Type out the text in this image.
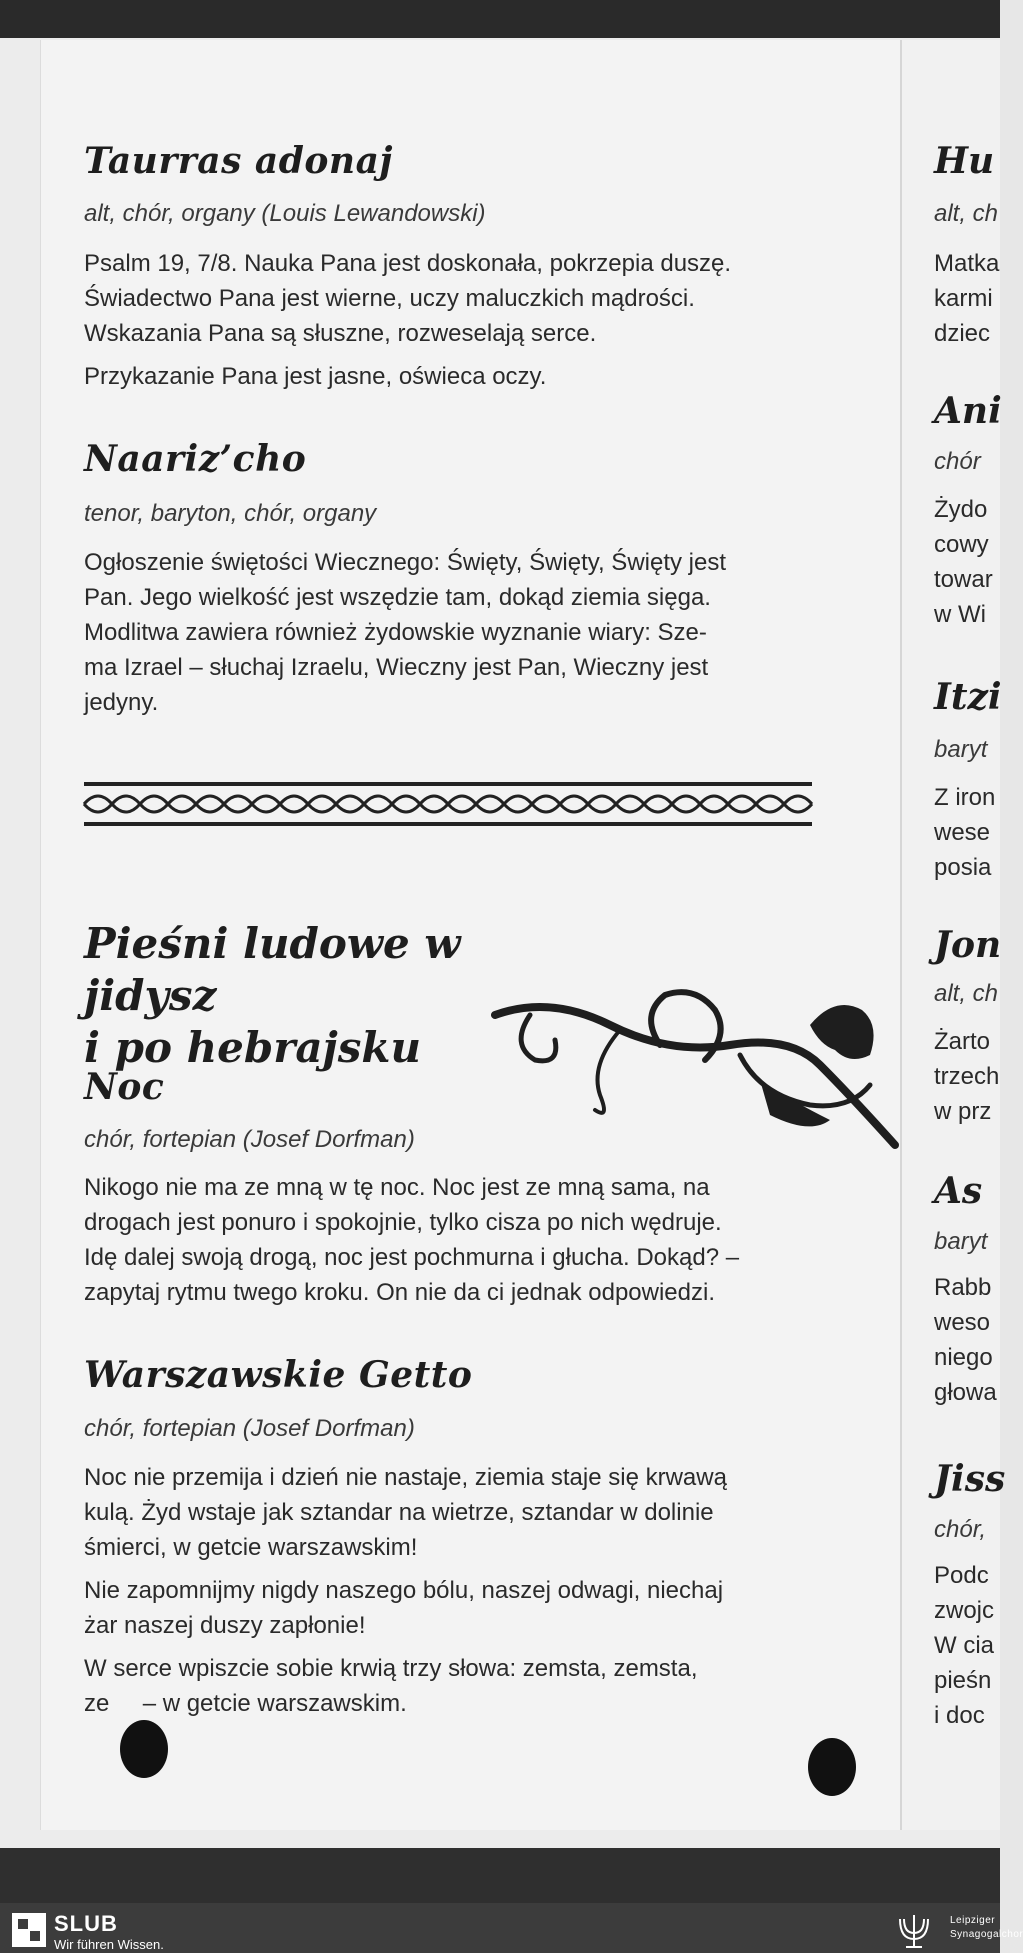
Taurras adonaj
alt, chór, organy (Louis Lewandowski)
Psalm 19, 7/8. Nauka Pana jest doskonała, pokrzepia duszę.
Świadectwo Pana jest wierne, uczy maluczkich mądrości.
Wskazania Pana są słuszne, rozweselają serce.
Przykazanie Pana jest jasne, oświeca oczy.
Naariz’cho
tenor, baryton, chór, organy
Ogłoszenie świętości Wiecznego: Święty, Święty, Święty jest
Pan. Jego wielkość jest wszędzie tam, dokąd ziemia sięga.
Modlitwa zawiera również żydowskie wyznanie wiary: Sze-
ma Izrael – słuchaj Izraelu, Wieczny jest Pan, Wieczny jest
jedyny.
Pieśni ludowe w jidysz
i po hebrajsku
Noc
chór, fortepian (Josef Dorfman)
Nikogo nie ma ze mną w tę noc. Noc jest ze mną sama, na
drogach jest ponuro i spokojnie, tylko cisza po nich wędruje.
Idę dalej swoją drogą, noc jest pochmurna i głucha. Dokąd? –
zapytaj rytmu twego kroku. On nie da ci jednak odpowiedzi.
Warszawskie Getto
chór, fortepian (Josef Dorfman)
Noc nie przemija i dzień nie nastaje, ziemia staje się krwawą
kulą. Żyd wstaje jak sztandar na wietrze, sztandar w dolinie
śmierci, w getcie warszawskim!
Nie zapomnijmy nigdy naszego bólu, naszej odwagi, niechaj
żar naszej duszy zapłonie!
W serce wpiszcie sobie krwią trzy słowa: zemsta, zemsta,
ze     – w getcie warszawskim.
Hu
alt, ch
Matka
karmi
dziec
Ani
chór
Żydo
cowy
towar
w Wi
Itzi
baryt
Z iron
wese
posia
Jon
alt, ch
Żarto
trzech
w prz
As
baryt
Rabb
weso
niego
głowa
Jiss
chór,
Podc
zwojc
W cia
pieśn
i doc
SLUB
Wir führen Wissen.
Leipziger
Synagogalchor
